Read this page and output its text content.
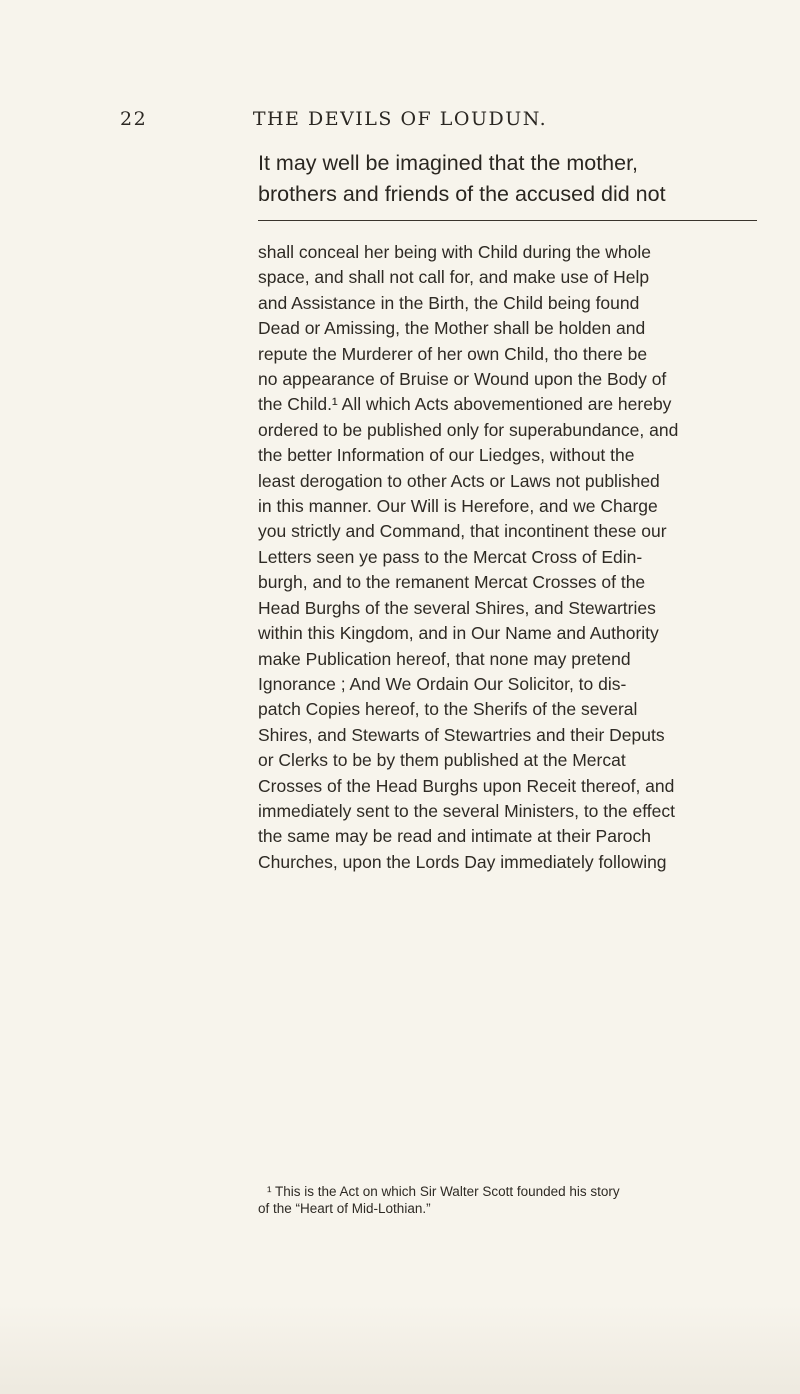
22	THE DEVILS OF LOUDUN.
It may well be imagined that the mother,
brothers and friends of the accused did not
shall conceal her being with Child during the whole
space, and shall not call for, and make use of Help
and Assistance in the Birth, the Child being found
Dead or Amissing, the Mother shall be holden and
repute the Murderer of her own Child, tho there be
no appearance of Bruise or Wound upon the Body of
the Child.¹ All which Acts abovementioned are hereby
ordered to be published only for superabundance, and
the better Information of our Liedges, without the
least derogation to other Acts or Laws not published
in this manner. Our Will is Herefore, and we Charge
you strictly and Command, that incontinent these our
Letters seen ye pass to the Mercat Cross of Edin-
burgh, and to the remanent Mercat Crosses of the
Head Burghs of the several Shires, and Stewartries
within this Kingdom, and in Our Name and Authority
make Publication hereof, that none may pretend
Ignorance ; And We Ordain Our Solicitor, to dis-
patch Copies hereof, to the Sherifs of the several
Shires, and Stewarts of Stewartries and their Deputs
or Clerks to be by them published at the Mercat
Crosses of the Head Burghs upon Receit thereof, and
immediately sent to the several Ministers, to the effect
the same may be read and intimate at their Paroch
Churches, upon the Lords Day immediately following
¹ This is the Act on which Sir Walter Scott founded his story
of the “Heart of Mid-Lothian.”
